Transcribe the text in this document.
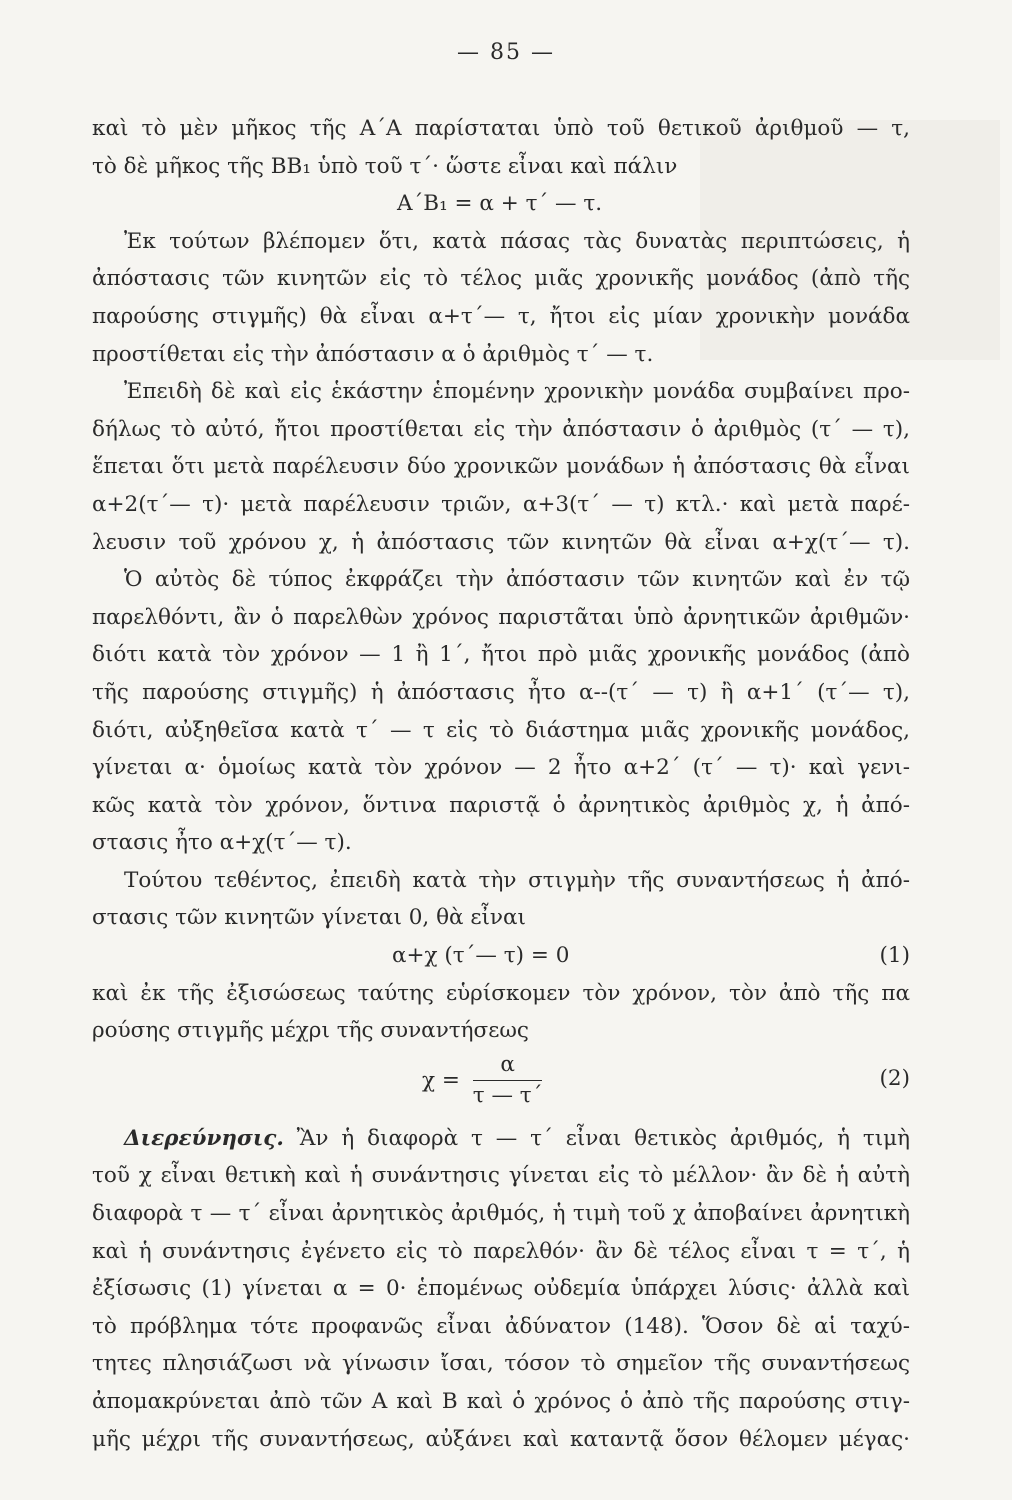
— 85 —
καὶ τὸ μὲν μῆκος τῆς Α΄Α παρίσταται ὑπὸ τοῦ θετικοῦ ἀριθμοῦ — τ,
τὸ δὲ μῆκος τῆς ΒΒ₁ ὑπὸ τοῦ τ΄· ὥστε εἶναι καὶ πάλιν
Α΄Β₁ = α + τ΄ — τ.
Ἐκ τούτων βλέπομεν ὅτι, κατὰ πάσας τὰς δυνατὰς περιπτώσεις, ἡ
ἀπόστασις τῶν κινητῶν εἰς τὸ τέλος μιᾶς χρονικῆς μονάδος (ἀπὸ τῆς
παρούσης στιγμῆς) θὰ εἶναι α+τ΄— τ, ἤτοι εἰς μίαν χρονικὴν μονάδα
προστίθεται εἰς τὴν ἀπόστασιν α ὁ ἀριθμὸς τ΄ — τ.
Ἐπειδὴ δὲ καὶ εἰς ἑκάστην ἑπομένην χρονικὴν μονάδα συμβαίνει προ-
δήλως τὸ αὐτό, ἤτοι προστίθεται εἰς τὴν ἀπόστασιν ὁ ἀριθμὸς (τ΄ — τ),
ἕπεται ὅτι μετὰ παρέλευσιν δύο χρονικῶν μονάδων ἡ ἀπόστασις θὰ εἶναι
α+2(τ΄— τ)· μετὰ παρέλευσιν τριῶν, α+3(τ΄ — τ) κτλ.· καὶ μετὰ παρέ-
λευσιν τοῦ χρόνου χ, ἡ ἀπόστασις τῶν κινητῶν θὰ εἶναι α+χ(τ΄— τ).
Ὁ αὐτὸς δὲ τύπος ἐκφράζει τὴν ἀπόστασιν τῶν κινητῶν καὶ ἐν τῷ
παρελθόντι, ἂν ὁ παρελθὼν χρόνος παριστᾶται ὑπὸ ἀρνητικῶν ἀριθμῶν·
διότι κατὰ τὸν χρόνον — 1 ἢ 1΄, ἤτοι πρὸ μιᾶς χρονικῆς μονάδος (ἀπὸ
τῆς παρούσης στιγμῆς) ἡ ἀπόστασις ἦτο α-‐(τ΄ — τ) ἢ α+1΄ (τ΄— τ),
διότι, αὐξηθεῖσα κατὰ τ΄ — τ εἰς τὸ διάστημα μιᾶς χρονικῆς μονάδος,
γίνεται α· ὁμοίως κατὰ τὸν χρόνον — 2 ἦτο α+2΄ (τ΄ — τ)· καὶ γενι-
κῶς κατὰ τὸν χρόνον, ὅντινα παριστᾷ ὁ ἀρνητικὸς ἀριθμὸς χ, ἡ ἀπό-
στασις ἦτο α+χ(τ΄— τ).
Τούτου τεθέντος, ἐπειδὴ κατὰ τὴν στιγμὴν τῆς συναντήσεως ἡ ἀπό-
στασις τῶν κινητῶν γίνεται 0, θὰ εἶναι
α+χ (τ΄— τ) = 0	(1)
καὶ ἐκ τῆς ἐξισώσεως ταύτης εὑρίσκομεν τὸν χρόνον, τὸν ἀπὸ τῆς πα
ρούσης στιγμῆς μέχρι τῆς συναντήσεως
$\chi = \frac{\alpha}{\tau — \tau΄}$	(2)
Διερεύνησις. Ἂν ἡ διαφορὰ τ — τ΄ εἶναι θετικὸς ἀριθμός, ἡ τιμὴ
τοῦ χ εἶναι θετικὴ καὶ ἡ συνάντησις γίνεται εἰς τὸ μέλλον· ἂν δὲ ἡ αὐτὴ
διαφορὰ τ — τ΄ εἶναι ἀρνητικὸς ἀριθμός, ἡ τιμὴ τοῦ χ ἀποβαίνει ἀρνητικὴ
καὶ ἡ συνάντησις ἐγένετο εἰς τὸ παρελθόν· ἂν δὲ τέλος εἶναι τ = τ΄, ἡ
ἐξίσωσις (1) γίνεται α = 0· ἑπομένως οὐδεμία ὑπάρχει λύσις· ἀλλὰ καὶ
τὸ πρόβλημα τότε προφανῶς εἶναι ἀδύνατον (148). Ὅσον δὲ αἱ ταχύ-
τητες πλησιάζωσι νὰ γίνωσιν ἴσαι, τόσον τὸ σημεῖον τῆς συναντήσεως
ἀπομακρύνεται ἀπὸ τῶν Α καὶ Β καὶ ὁ χρόνος ὁ ἀπὸ τῆς παρούσης στιγ-
μῆς μέχρι τῆς συναντήσεως, αὐξάνει καὶ καταντᾷ ὅσον θέλομεν μέγας·
